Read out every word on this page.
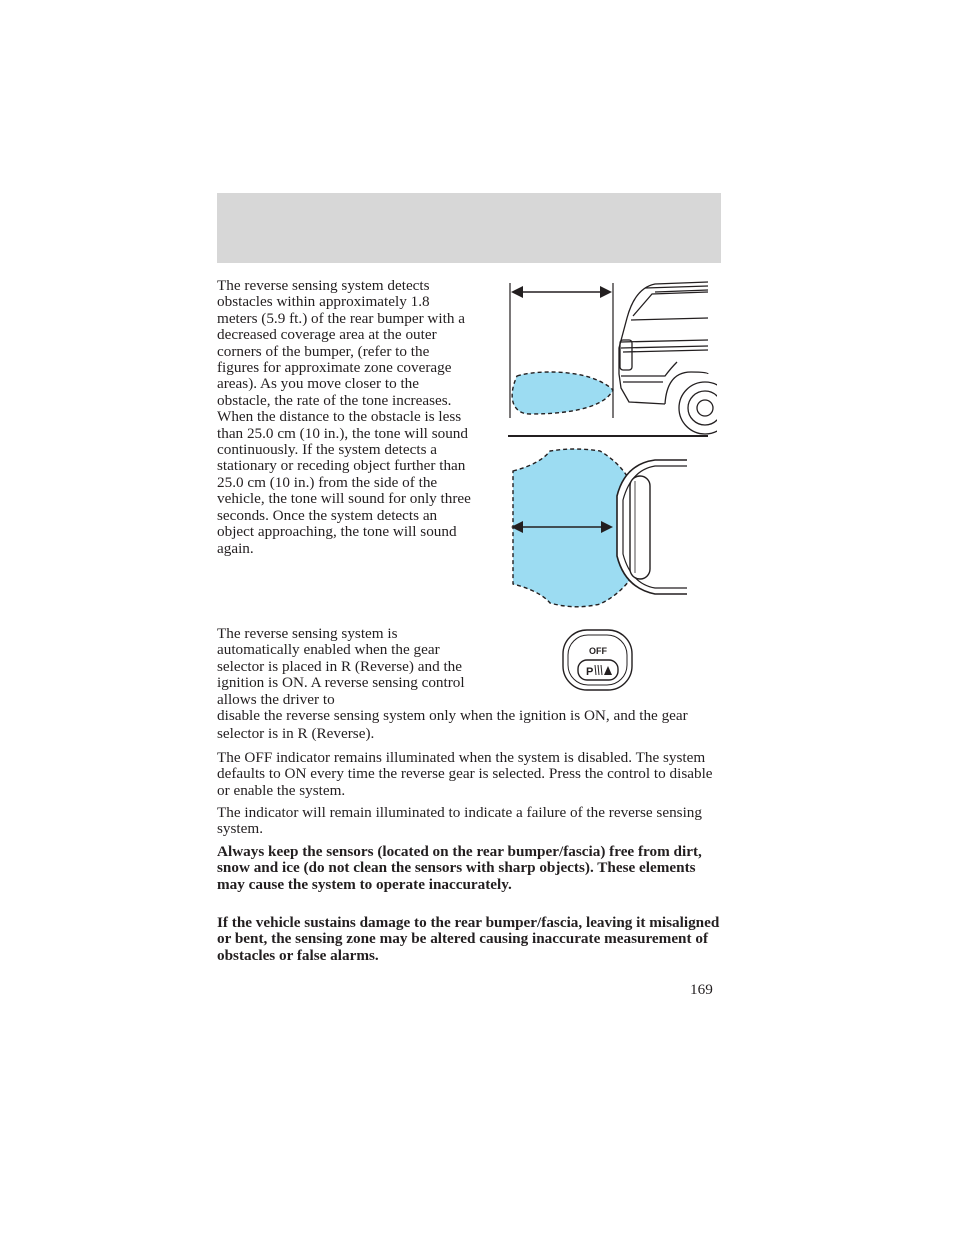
The reverse sensing system detects obstacles within approximately 1.8 meters (5.9 ft.) of the rear bumper with a decreased coverage area at the outer corners of the bumper, (refer to the figures for approximate zone coverage areas). As you move closer to the obstacle, the rate of the tone increases. When the distance to the obstacle is less than 25.0 cm (10 in.), the tone will sound continuously. If the system detects a stationary or receding object further than 25.0 cm (10 in.) from the side of the vehicle, the tone will sound for only three seconds. Once the system detects an object approaching, the tone will sound again.

The reverse sensing system is automatically enabled when the gear selector is placed in R (Reverse) and the ignition is ON. A reverse sensing control allows the driver to

OFF
P

disable the reverse sensing system only when the ignition is ON, and the gear selector is in R (Reverse).

The OFF indicator remains illuminated when the system is disabled. The system defaults to ON every time the reverse gear is selected. Press the control to disable or enable the system.

The indicator will remain illuminated to indicate a failure of the reverse sensing system.

Always keep the sensors (located on the rear bumper/fascia) free from dirt, snow and ice (do not clean the sensors with sharp objects). These elements may cause the system to operate inaccurately.

If the vehicle sustains damage to the rear bumper/fascia, leaving it misaligned or bent, the sensing zone may be altered causing inaccurate measurement of obstacles or false alarms.

169
